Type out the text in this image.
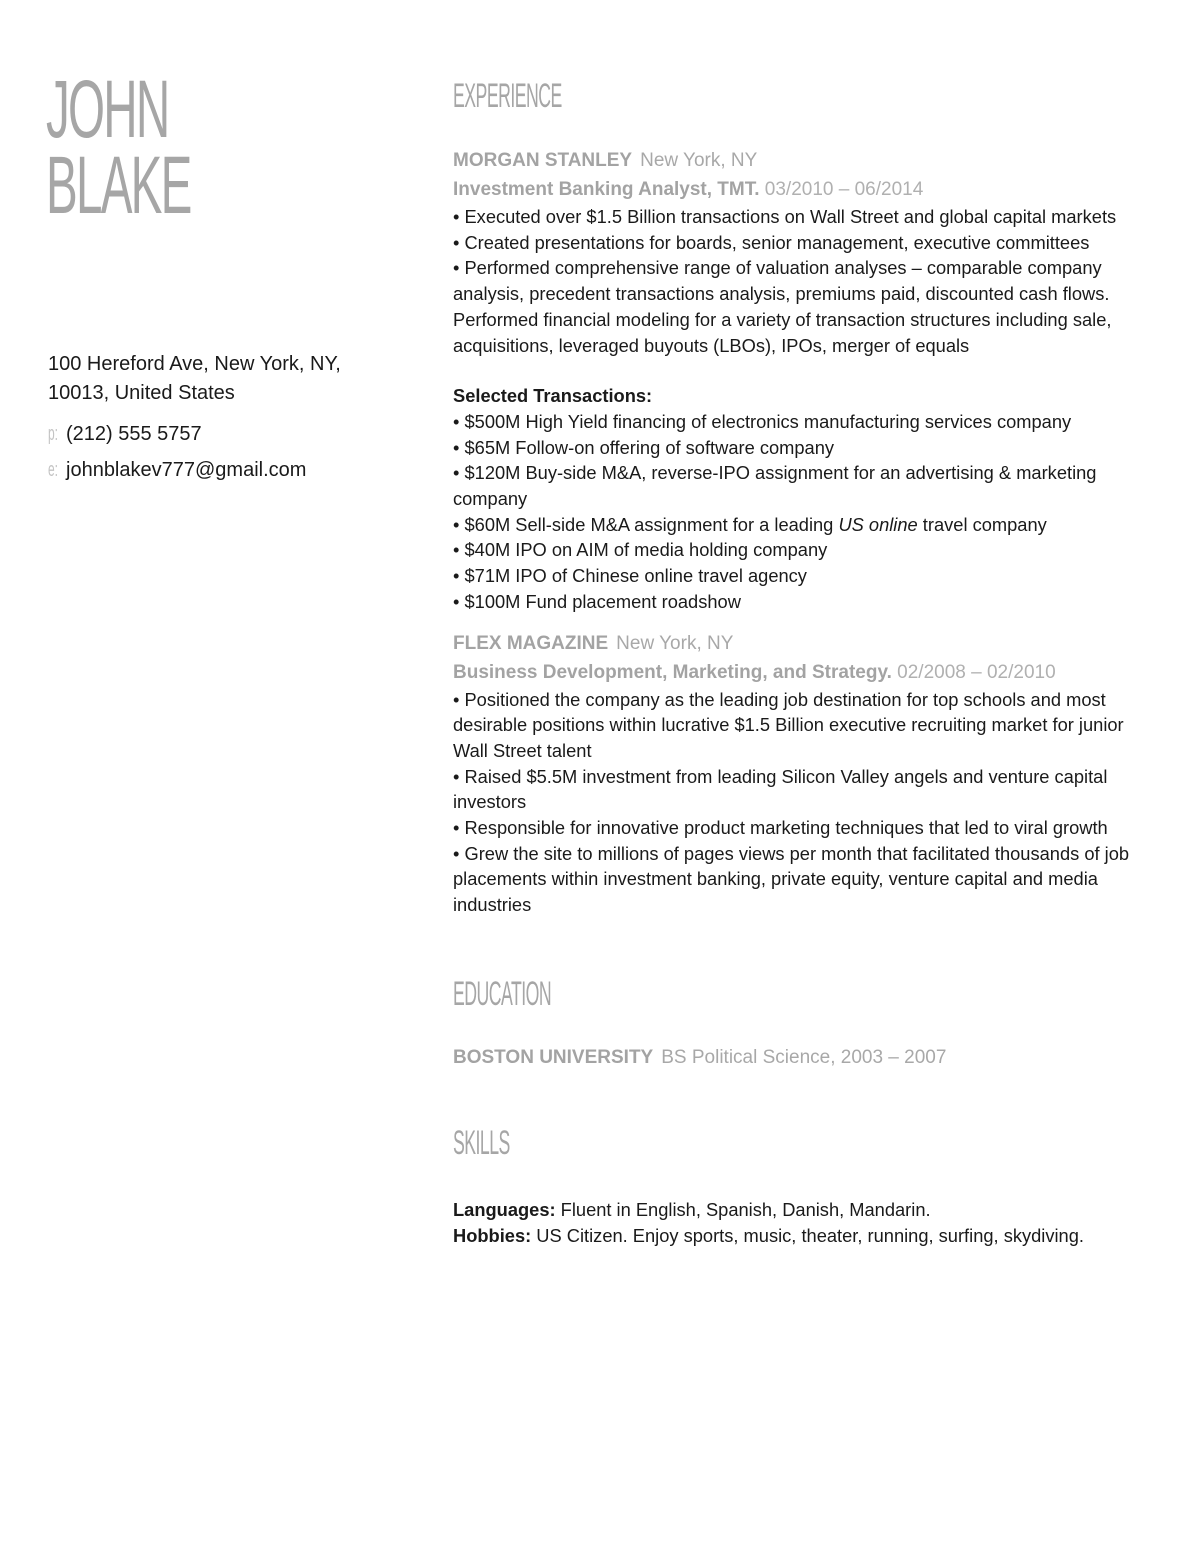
JOHN
BLAKE
100 Hereford Ave, New York, NY,
10013, United States
p: (212) 555 5757
e: johnblakev777@gmail.com
EXPERIENCE
MORGAN STANLEY New York, NY
Investment Banking Analyst, TMT. 03/2010 – 06/2014
• Executed over $1.5 Billion transactions on Wall Street and global capital markets
• Created presentations for boards, senior management, executive committees
• Performed comprehensive range of valuation analyses – comparable company analysis, precedent transactions analysis, premiums paid, discounted cash flows. Performed financial modeling for a variety of transaction structures including sale, acquisitions, leveraged buyouts (LBOs), IPOs, merger of equals
Selected Transactions:
• $500M High Yield financing of electronics manufacturing services company
• $65M Follow-on offering of software company
• $120M Buy-side M&A, reverse-IPO assignment for an advertising & marketing company
• $60M Sell-side M&A assignment for a leading US online travel company
• $40M IPO on AIM of media holding company
• $71M IPO of Chinese online travel agency
• $100M Fund placement roadshow
FLEX MAGAZINE New York, NY
Business Development, Marketing, and Strategy. 02/2008 – 02/2010
• Positioned the company as the leading job destination for top schools and most desirable positions within lucrative $1.5 Billion executive recruiting market for junior Wall Street talent
• Raised $5.5M investment from leading Silicon Valley angels and venture capital investors
• Responsible for innovative product marketing techniques that led to viral growth
• Grew the site to millions of pages views per month that facilitated thousands of job placements within investment banking, private equity, venture capital and media industries
EDUCATION
BOSTON UNIVERSITY BS Political Science, 2003 – 2007
SKILLS
Languages: Fluent in English, Spanish, Danish, Mandarin.
Hobbies: US Citizen. Enjoy sports, music, theater, running, surfing, skydiving.
